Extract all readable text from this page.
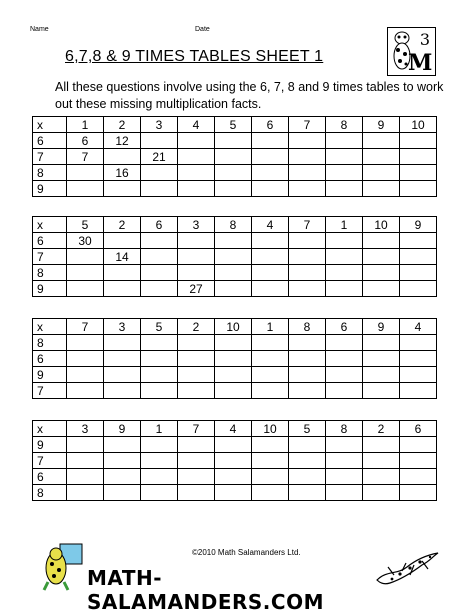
Name	Date
3
M
6,7,8 & 9 TIMES TABLES SHEET 1
All these questions involve using the 6, 7, 8 and 9 times tables to work out these missing multiplication facts.
x	1	2	3	4	5	6	7	8	9	10
6	6	12								
7	7		21							
8		16								
9										
x	5	2	6	3	8	4	7	1	10	9
6	30									
7		14								
8										
9				27						
x	7	3	5	2	10	1	8	6	9	4
8										
6										
9										
7										
x	3	9	1	7	4	10	5	8	2	6
9										
7										
6										
8										
©2010 Math Salamanders Ltd.
MATH-SALAMANDERS.COM
